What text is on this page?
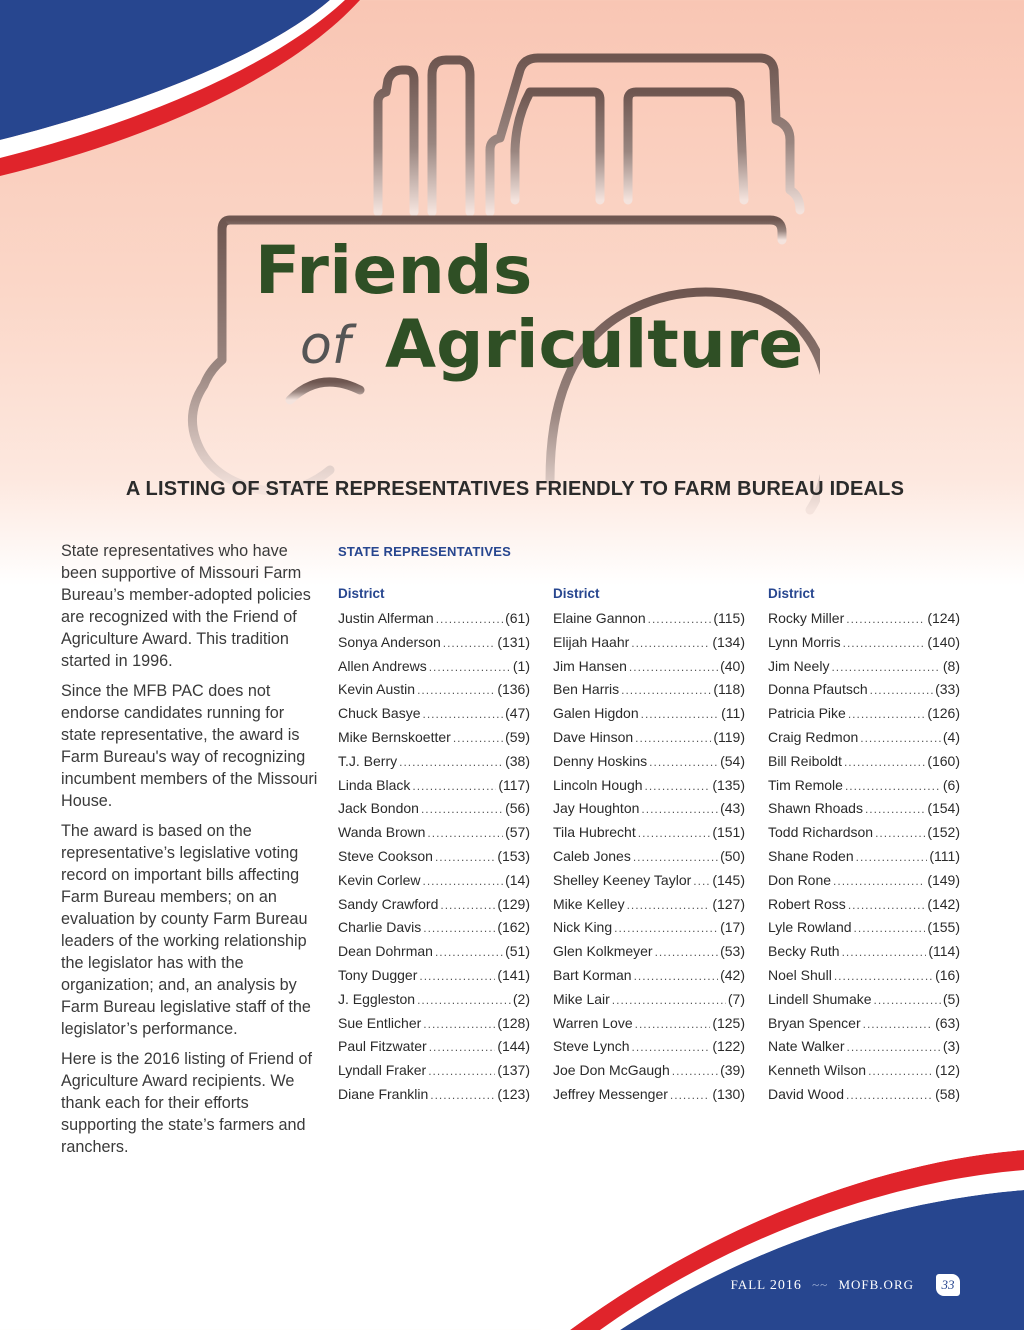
Friends
of Agriculture
A LISTING OF STATE REPRESENTATIVES FRIENDLY TO FARM BUREAU IDEALS

State representatives who have been supportive of Missouri Farm Bureau’s member-adopted policies are recognized with the Friend of Agriculture Award. This tradition started in 1996.

Since the MFB PAC does not endorse candidates running for state representative, the award is Farm Bureau's way of recognizing incumbent members of the Missouri House.

The award is based on the representative’s legislative voting record on important bills affecting Farm Bureau members; on an evaluation by county Farm Bureau leaders of the working relationship the legislator has with the organization; and, an analysis by Farm Bureau legislative staff of the legislator’s performance.

Here is the 2016 listing of Friend of Agriculture Award recipients. We thank each for their efforts supporting the state’s farmers and ranchers.

STATE REPRESENTATIVES
District
Justin Alferman .....	(61)
Sonya Anderson .....	(131)
Allen Andrews .....	(1)
Kevin Austin .....	(136)
Chuck Basye .....	(47)
Mike Bernskoetter .....	(59)
T.J. Berry .....	(38)
Linda Black .....	(117)
Jack Bondon .....	(56)
Wanda Brown .....	(57)
Steve Cookson .....	(153)
Kevin Corlew .....	(14)
Sandy Crawford .....	(129)
Charlie Davis .....	(162)
Dean Dohrman .....	(51)
Tony Dugger .....	(141)
J. Eggleston .....	(2)
Sue Entlicher .....	(128)
Paul Fitzwater .....	(144)
Lyndall Fraker .....	(137)
Diane Franklin .....	(123)
District
Elaine Gannon .....	(115)
Elijah Haahr .....	(134)
Jim Hansen .....	(40)
Ben Harris .....	(118)
Galen Higdon .....	(11)
Dave Hinson .....	(119)
Denny Hoskins .....	(54)
Lincoln Hough .....	(135)
Jay Houghton .....	(43)
Tila Hubrecht .....	(151)
Caleb Jones .....	(50)
Shelley Keeney Taylor ..... (145)
Mike Kelley .....	(127)
Nick King .....	(17)
Glen Kolkmeyer .....	(53)
Bart Korman .....	(42)
Mike Lair .....	(7)
Warren Love .....	(125)
Steve Lynch .....	(122)
Joe Don McGaugh .....	(39)
Jeffrey Messenger .....	(130)
District
Rocky Miller .....	(124)
Lynn Morris .....	(140)
Jim Neely .....	(8)
Donna Pfautsch .....	(33)
Patricia Pike .....	(126)
Craig Redmon .....	(4)
Bill Reiboldt .....	(160)
Tim Remole .....	(6)
Shawn Rhoads .....	(154)
Todd Richardson .....	(152)
Shane Roden .....	(111)
Don Rone .....	(149)
Robert Ross .....	(142)
Lyle Rowland .....	(155)
Becky Ruth .....	(114)
Noel Shull .....	(16)
Lindell Shumake .....	(5)
Bryan Spencer .....	(63)
Nate Walker .....	(3)
Kenneth Wilson .....	(12)
David Wood .....	(58)
FALL 2016 ~~ MOFB.ORG	33
